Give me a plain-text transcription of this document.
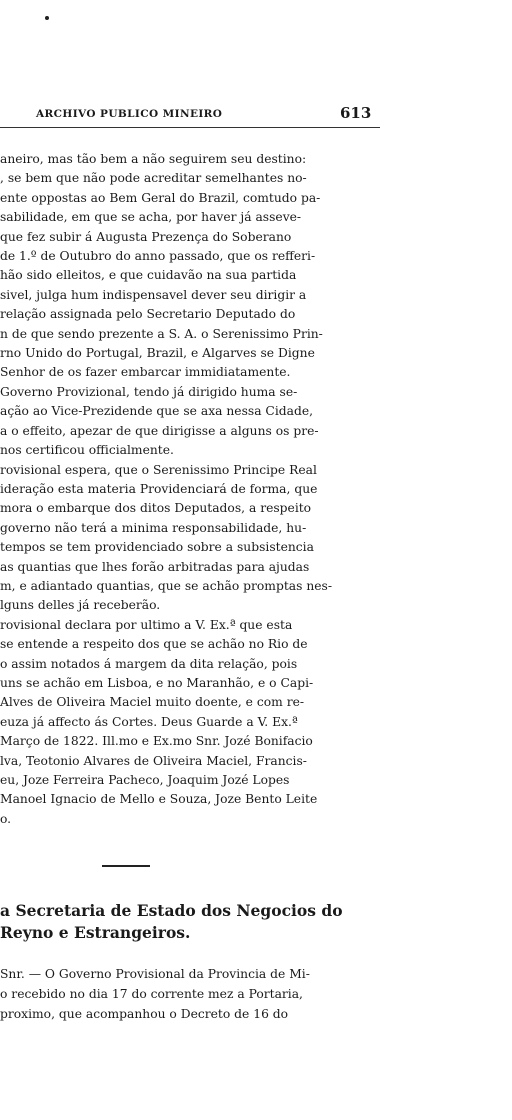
ARCHIVO PUBLICO MINEIRO	613
aneiro, mas tão bem a não seguirem seu destino:
, se bem que não pode acreditar semelhantes no-
ente oppostas ao Bem Geral do Brazil, comtudo pa-
sabilidade, em que se acha, por haver já asseve-
que fez subir á Augusta Prezença do Soberano
de 1.º de Outubro do anno passado, que os refferi-
hão sido elleitos, e que cuidavão na sua partida
sivel, julga hum indispensavel dever seu dirigir a
relação assignada pelo Secretario Deputado do
n de que sendo prezente a S. A. o Serenissimo Prin-
rno Unido do Portugal, Brazil, e Algarves se Digne
Senhor de os fazer embarcar immidiatamente.
Governo Provizional, tendo já dirigido huma se-
ação ao Vice-Prezidende que se axa nessa Cidade,
a o effeito, apezar de que dirigisse a alguns os pre-
nos certificou officialmente.
rovisional espera, que o Serenissimo Principe Real
ideração esta materia Providenciará de forma, que
mora o embarque dos ditos Deputados, a respeito
governo não terá a minima responsabilidade, hu-
tempos se tem providenciado sobre a subsistencia
as quantias que lhes forão arbitradas para ajudas
m, e adiantado quantias, que se achão promptas nes-
lguns delles já receberão.
rovisional declara por ultimo a V. Ex.ª que esta
se entende a respeito dos que se achão no Rio de
o assim notados á margem da dita relação, pois
uns se achão em Lisboa, e no Maranhão, e o Capi-
Alves de Oliveira Maciel muito doente, e com re-
euza já affecto ás Cortes. Deus Guarde a V. Ex.ª
Março de 1822. Ill.mo e Ex.mo Snr. Jozé Bonifacio
lva, Teotonio Alvares de Oliveira Maciel, Francis-
eu, Joze Ferreira Pacheco, Joaquim Jozé Lopes
Manoel Ignacio de Mello e Souza, Joze Bento Leite
o.
a Secretaria de Estado dos Negocios do
Reyno e Estrangeiros.
Snr. — O Governo Provisional da Provincia de Mi-
o recebido no dia 17 do corrente mez a Portaria,
proximo, que acompanhou o Decreto de 16 do
